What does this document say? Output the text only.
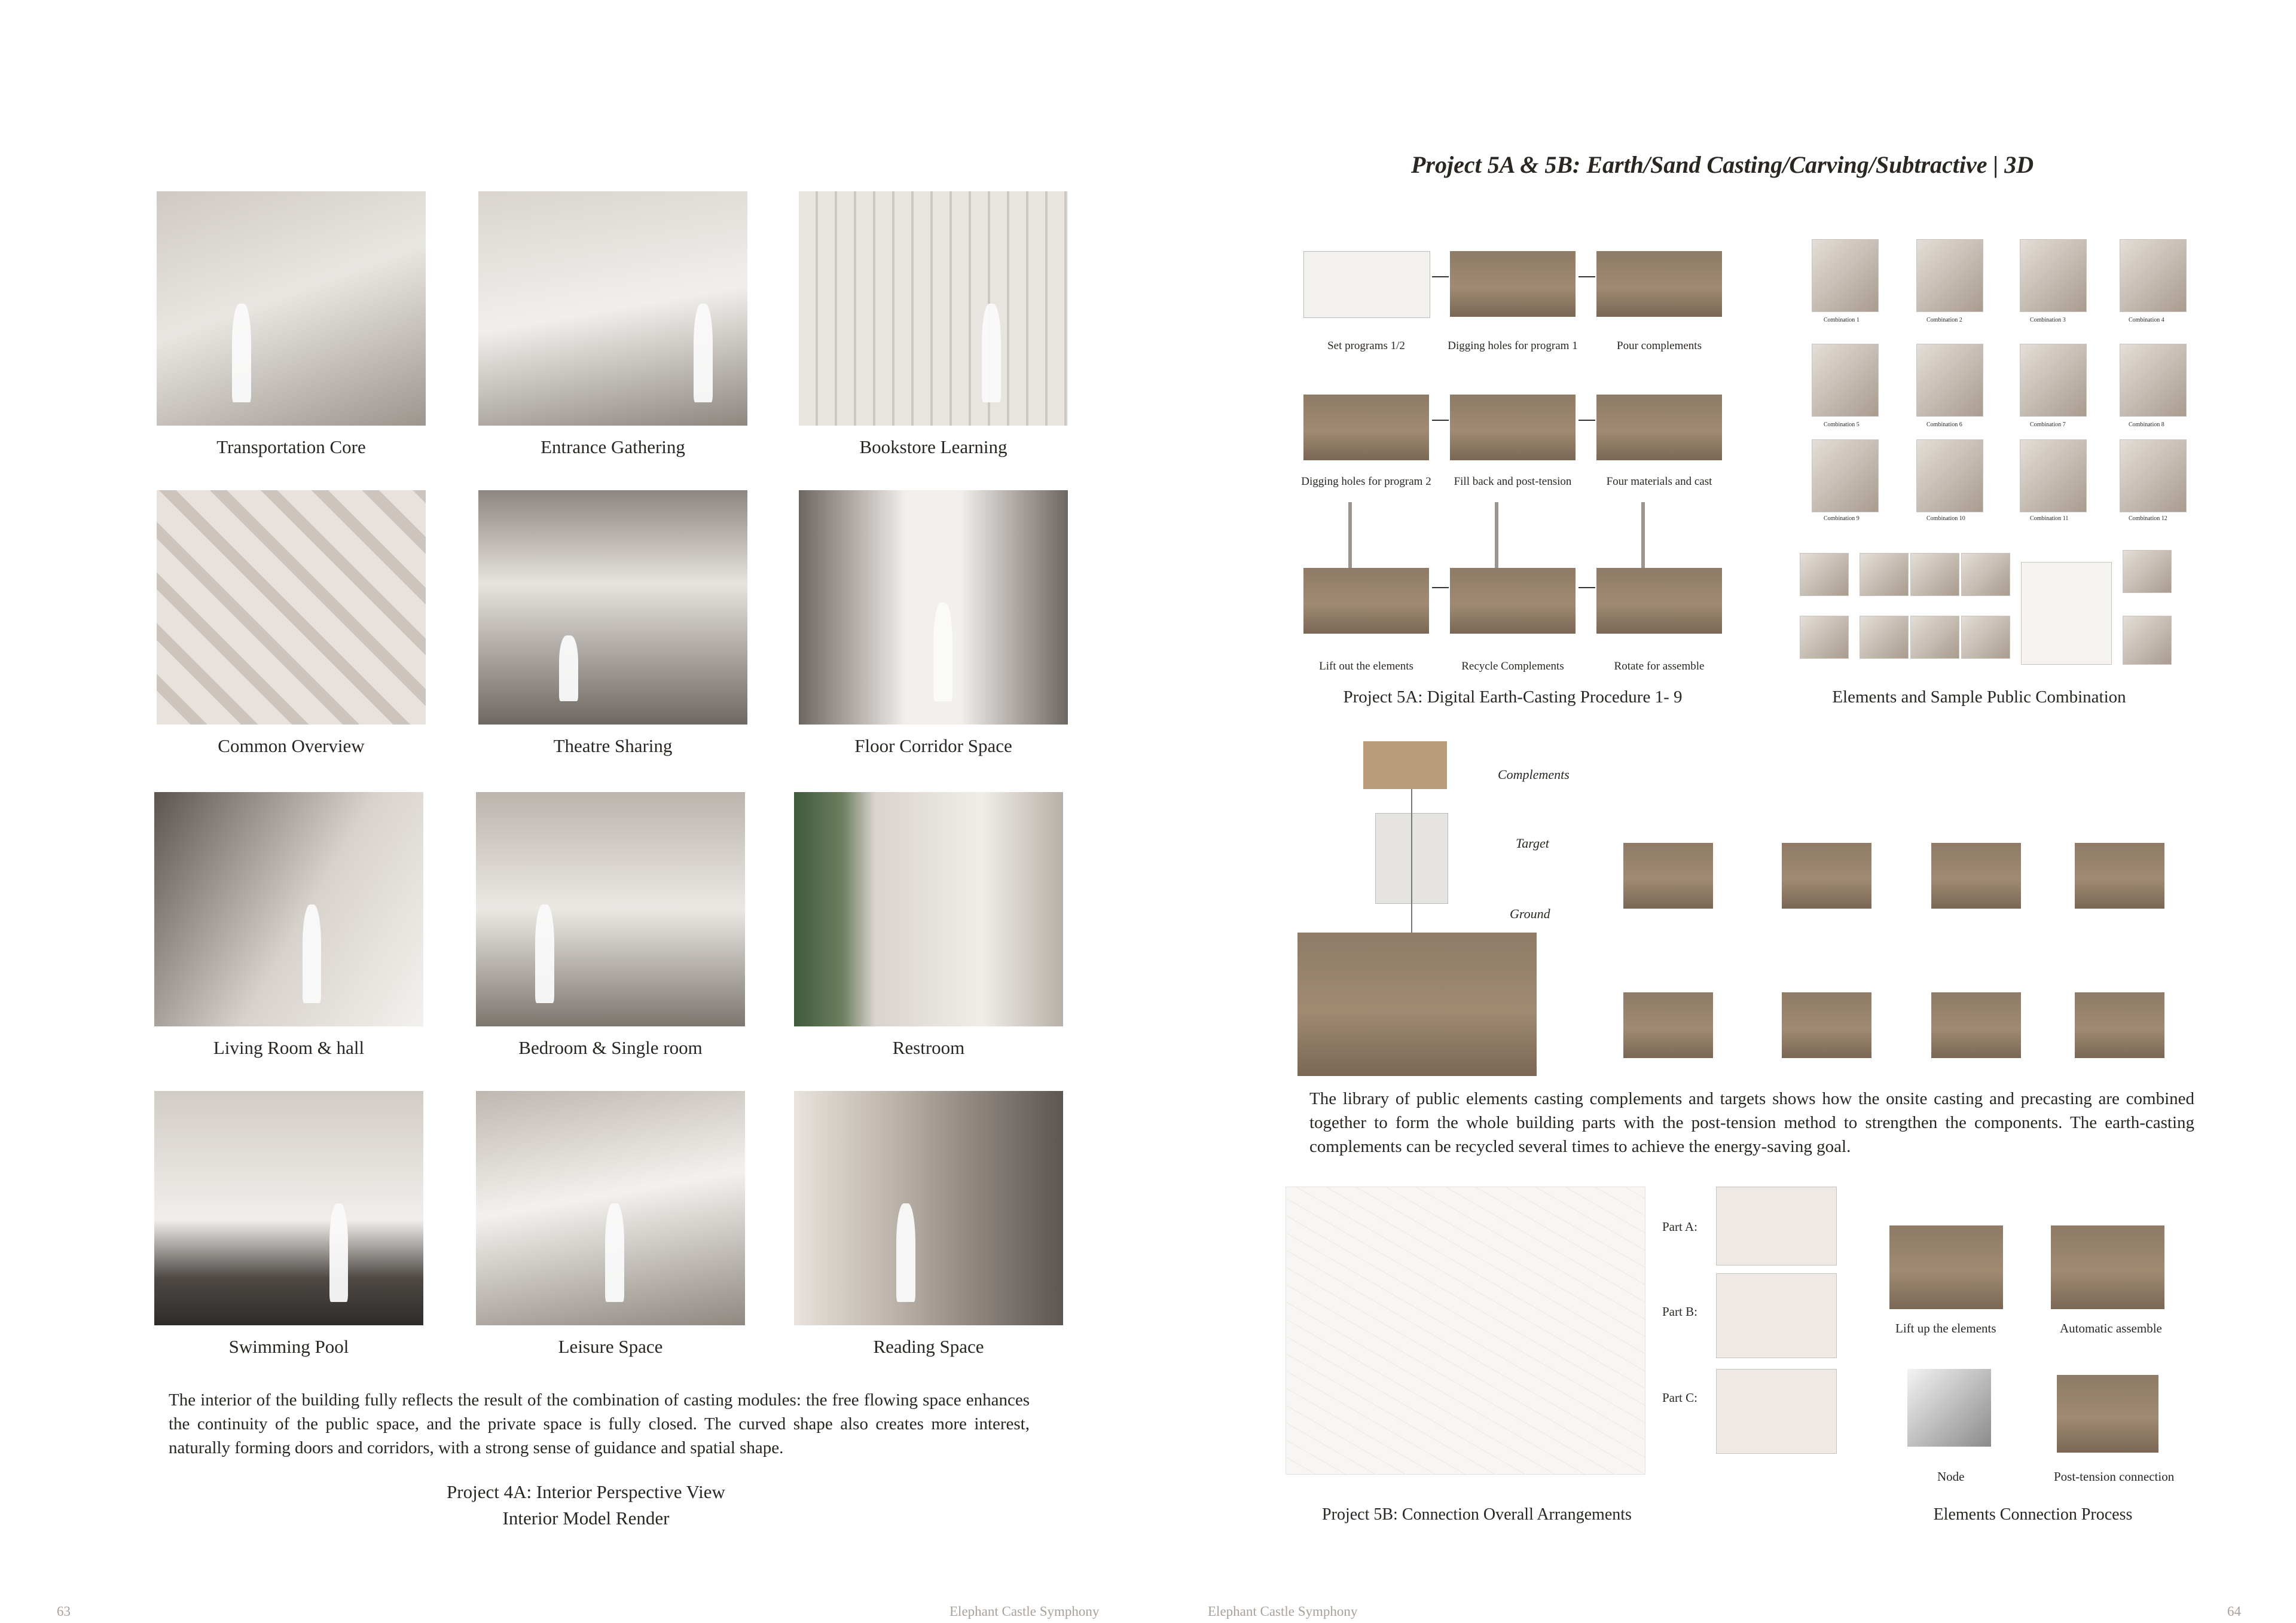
Transportation Core	Entrance Gathering	Bookstore Learning
Common Overview	Theatre Sharing	Floor Corridor Space
Living Room & hall	Bedroom & Single room	Restroom
Swimming Pool	Leisure Space	Reading Space
The interior of the building fully reflects the result of the combination of casting modules: the free flowing space enhances the continuity of the public space, and the private space is fully closed. The curved shape also creates more interest, naturally forming doors and corridors, with a strong sense of guidance and spatial shape.
Project 4A: Interior Perspective View
Interior Model Render
63	Elephant Castle Symphony
Project 5A & 5B: Earth/Sand Casting/Carving/Subtractive | 3D
Set programs 1/2	Digging holes for program 1	Pour complements
Digging holes for program 2	Fill back and post-tension	Four materials and cast
Lift out the elements	Recycle Complements	Rotate for assemble
Project 5A: Digital Earth-Casting Procedure 1- 9
Combination 1	Combination 2	Combination 3	Combination 4
Combination 5	Combination 6	Combination 7	Combination 8
Combination 9	Combination 10	Combination 11	Combination 12
Elements and Sample Public Combination
Complements
Target
Ground
The library of public elements casting complements and targets shows how the onsite casting and precasting are combined together to form the whole building parts with the post-tension method to strengthen the components. The earth-casting complements can be recycled several times to achieve the energy-saving goal.
Part A:
Part B:
Part C:
Lift up the elements	Automatic assemble
Node	Post-tension connection
Project 5B: Connection Overall Arrangements	Elements Connection Process
Elephant Castle Symphony	64
